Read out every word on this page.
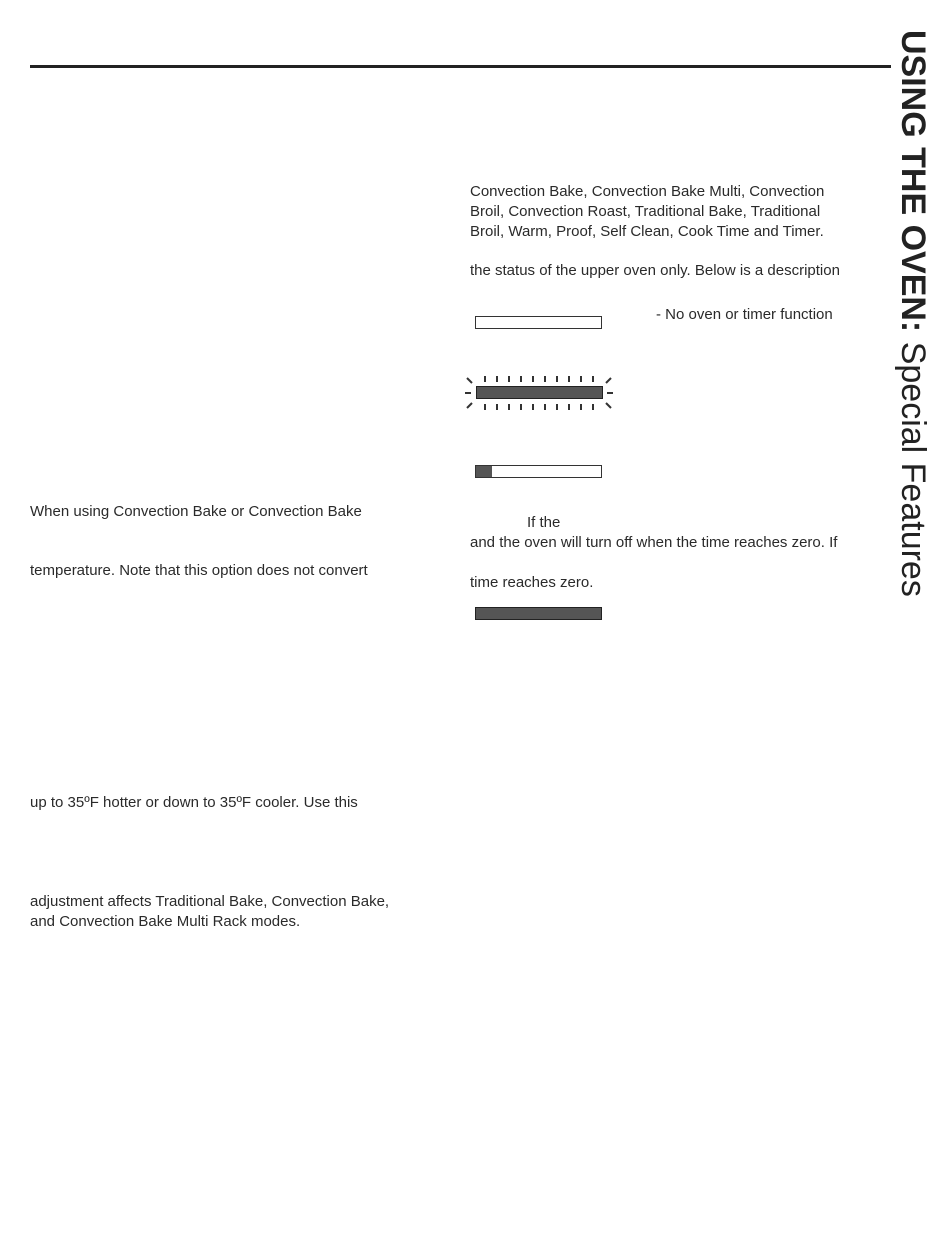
USING THE OVEN: Special Features
When using Convection Bake or Convection Bake
temperature. Note that this option does not convert
up to 35ºF hotter or down to 35ºF cooler. Use this
adjustment affects Traditional Bake, Convection Bake,
and Convection Bake Multi Rack modes.
Convection Bake, Convection Bake Multi, Convection
Broil, Convection Roast, Traditional Bake, Traditional
Broil, Warm, Proof, Self Clean, Cook Time and Timer.
the status of the upper oven only. Below is a description
- No oven or timer function
If the
and the oven will turn off when the time reaches zero. If
time reaches zero.
